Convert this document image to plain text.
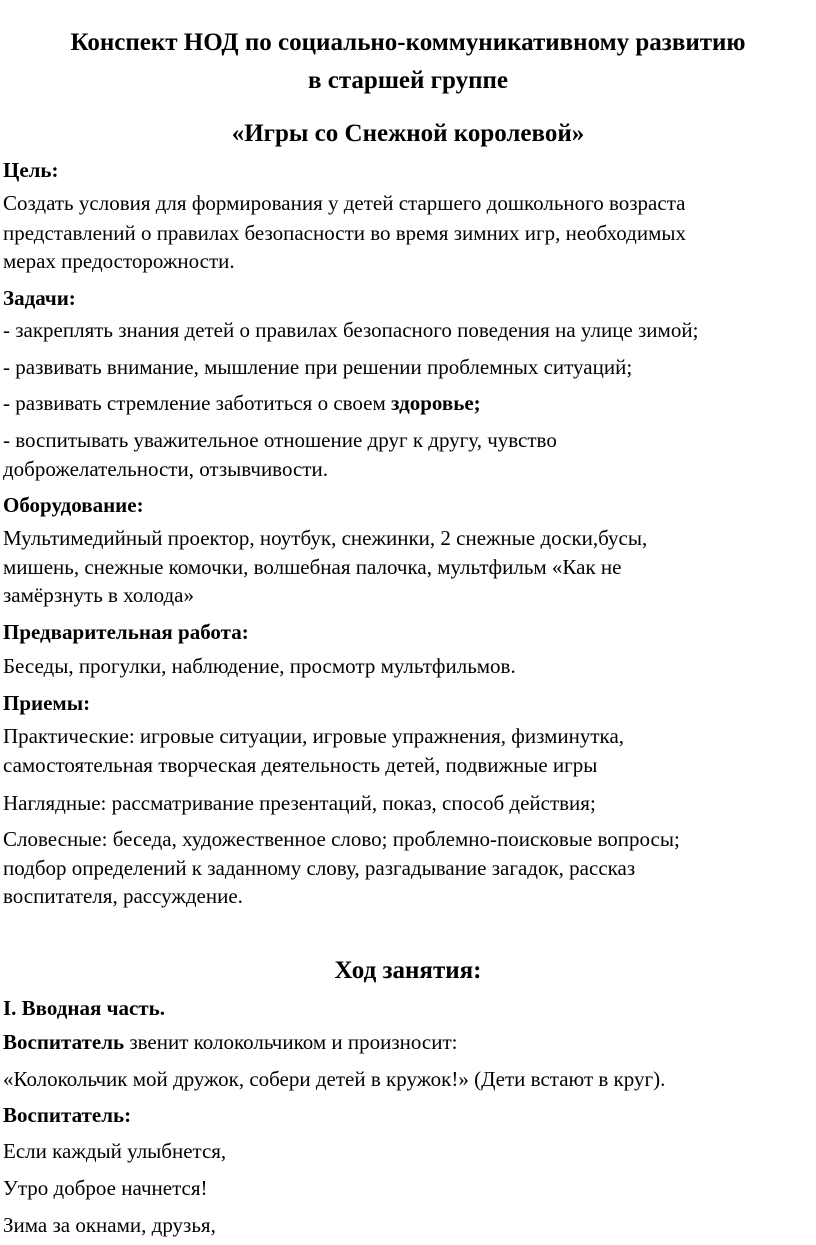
Конспект НОД по социально-коммуникативному развитию
в старшей группе
«Игры со Снежной королевой»

Цель:

Создать условия для формирования у детей старшего дошкольного возраста

представлений о правилах безопасности во время зимних игр, необходимых

мерах предосторожности.

Задачи:

- закреплять знания детей о правилах безопасного поведения на улице зимой;

- развивать внимание, мышление при решении проблемных ситуаций;

- развивать стремление заботиться о своем здоровье;

- воспитывать уважительное отношение друг к другу, чувство

доброжелательности, отзывчивости.

Оборудование:

Мультимедийный проектор, ноутбук, снежинки, 2 снежные доски,бусы,

мишень, снежные комочки, волшебная палочка, мультфильм «Как не

замёрзнуть в холода»

Предварительная работа:

Беседы, прогулки, наблюдение, просмотр мультфильмов.

Приемы:

Практические: игровые ситуации, игровые упражнения, физминутка,

самостоятельная творческая деятельность детей, подвижные игры

Наглядные: рассматривание презентаций, показ, способ действия;

Словесные: беседа, художественное слово; проблемно-поисковые вопросы;

подбор определений к заданному слову, разгадывание загадок, рассказ

воспитателя, рассуждение.

Ход занятия:

I. Вводная часть.

Воспитатель звенит колокольчиком и произносит:

«Колокольчик мой дружок, собери детей в кружок!» (Дети встают в круг).

Воспитатель:

Если каждый улыбнется,

Утро доброе начнется!

Зима за окнами, друзья,
